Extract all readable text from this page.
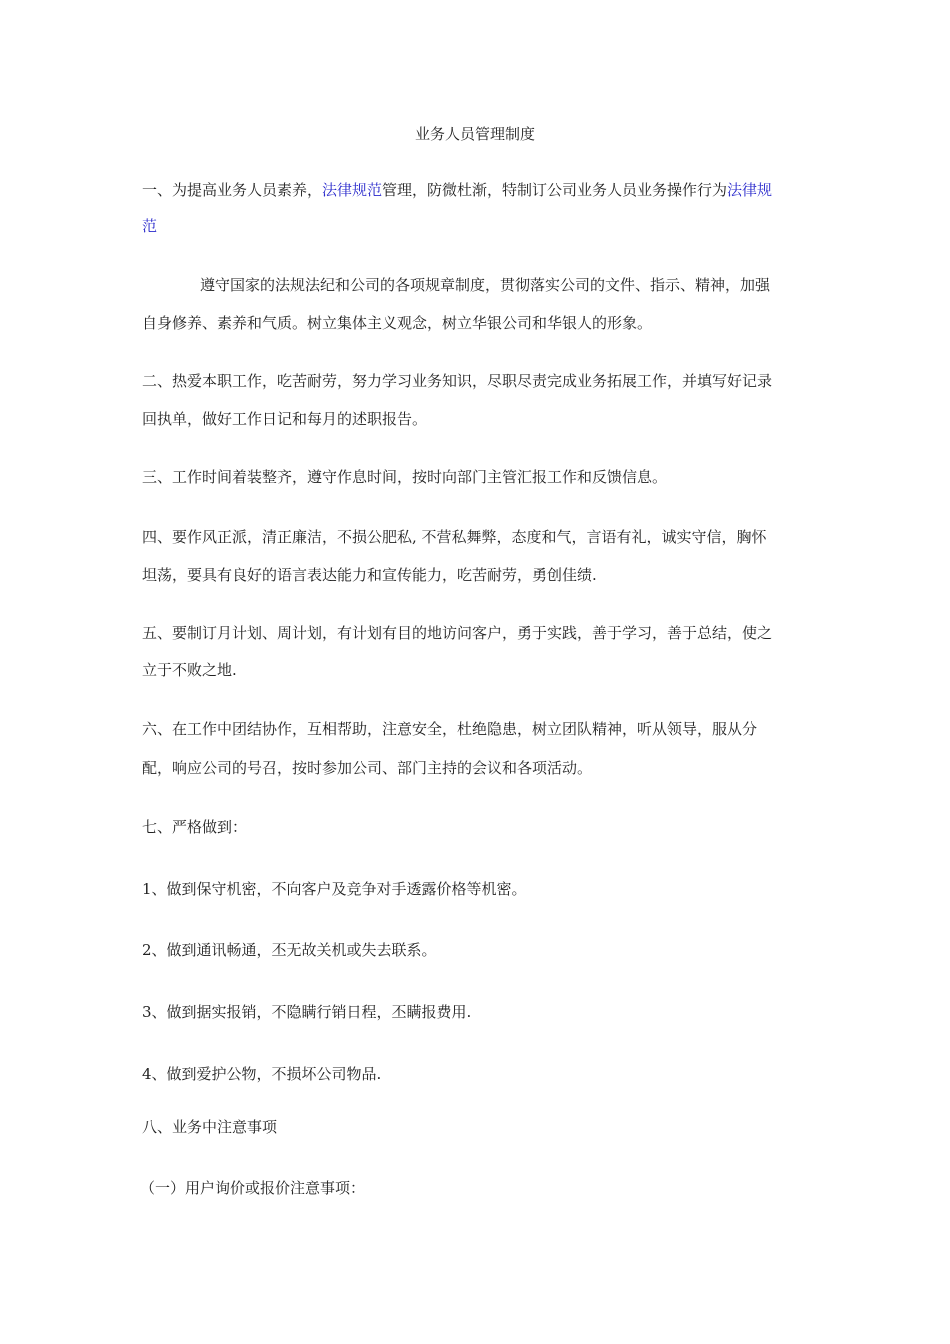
业务人员管理制度
一、为提高业务人员素养，法律规范管理，防微杜渐，特制订公司业务人员业务操作行为法律规
范
遵守国家的法规法纪和公司的各项规章制度，贯彻落实公司的文件、指示、精神，加强
自身修养、素养和气质。树立集体主义观念，树立华银公司和华银人的形象。
二、热爱本职工作，吃苦耐劳，努力学习业务知识，尽职尽责完成业务拓展工作，并填写好记录
回执单，做好工作日记和每月的述职报告。
三、工作时间着装整齐，遵守作息时间，按时向部门主管汇报工作和反馈信息。
四、要作风正派，清正廉洁，不损公肥私, 不营私舞弊，态度和气，言语有礼，诚实守信，胸怀
坦荡，要具有良好的语言表达能力和宣传能力，吃苦耐劳，勇创佳绩.
五、要制订月计划、周计划，有计划有目的地访问客户，勇于实践，善于学习，善于总结，使之
立于不败之地.
六、在工作中团结协作，互相帮助，注意安全，杜绝隐患，树立团队精神，听从领导，服从分
配，响应公司的号召，按时参加公司、部门主持的会议和各项活动。
七、严格做到：
1、做到保守机密，不向客户及竞争对手透露价格等机密。
2、做到通讯畅通，丕无故关机或失去联系。
3、做到据实报销，不隐瞒行销日程，丕瞒报费用.
4、做到爱护公物，不损坏公司物品.
八、业务中注意事项
（一）用户询价或报价注意事项：
